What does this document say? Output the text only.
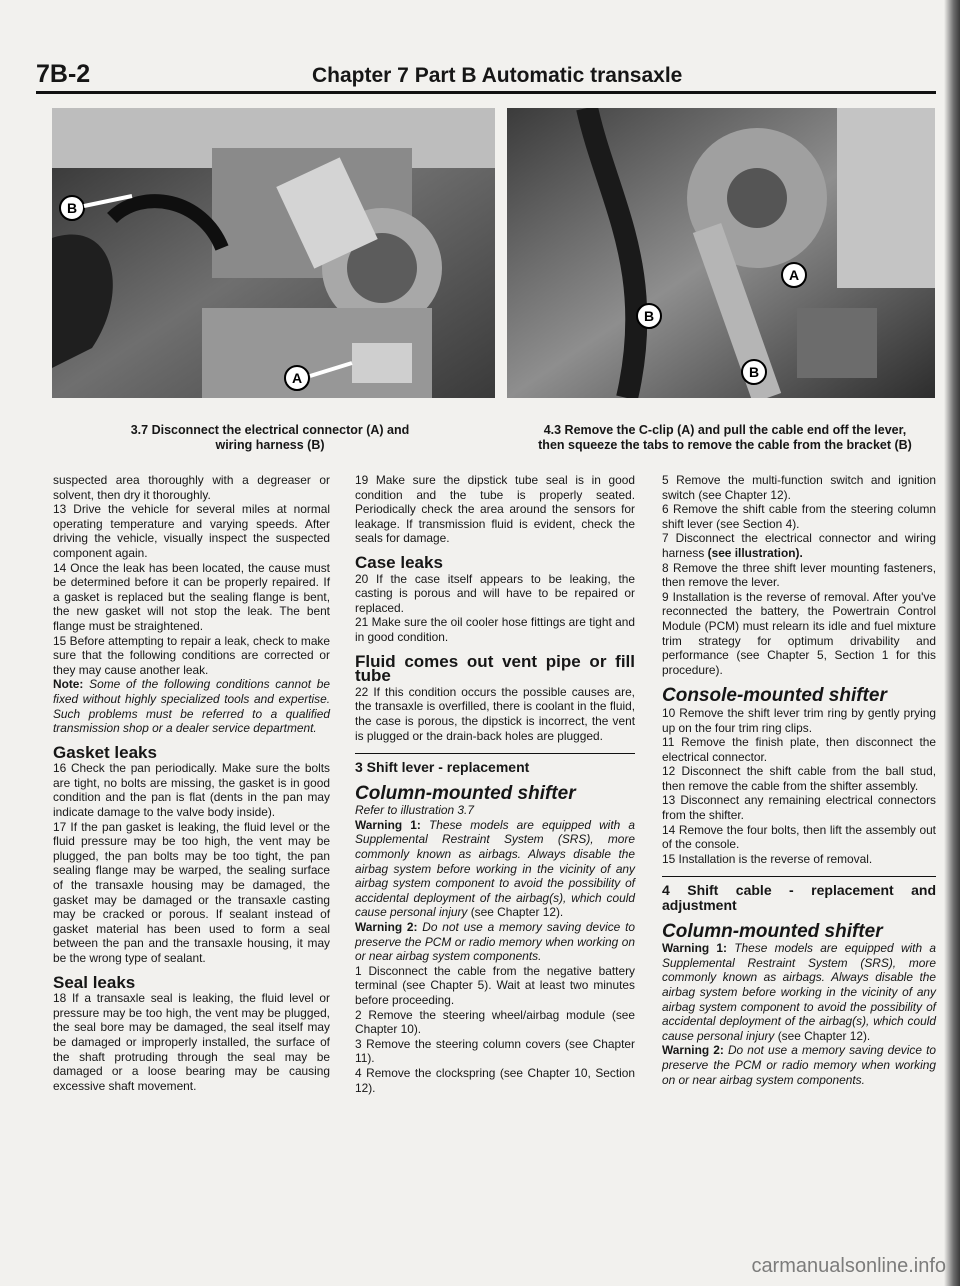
7B-2	Chapter 7 Part B Automatic transaxle
B
A
A
B
B
3.7 Disconnect the electrical connector (A) and
wiring harness (B)
4.3 Remove the C-clip (A) and pull the cable end off the lever,
then squeeze the tabs to remove the cable from the bracket (B)

suspected area thoroughly with a degreaser or solvent, then dry it thoroughly.

13 Drive the vehicle for several miles at normal operating temperature and varying speeds. After driving the vehicle, visually inspect the suspected component again.

14 Once the leak has been located, the cause must be determined before it can be properly repaired. If a gasket is replaced but the sealing flange is bent, the new gasket will not stop the leak. The bent flange must be straightened.

15 Before attempting to repair a leak, check to make sure that the following conditions are corrected or they may cause another leak.

Note: Some of the following conditions cannot be fixed without highly specialized tools and expertise. Such problems must be referred to a qualified transmission shop or a dealer service department.

Gasket leaks

16 Check the pan periodically. Make sure the bolts are tight, no bolts are missing, the gasket is in good condition and the pan is flat (dents in the pan may indicate damage to the valve body inside).

17 If the pan gasket is leaking, the fluid level or the fluid pressure may be too high, the vent may be plugged, the pan bolts may be too tight, the pan sealing flange may be warped, the sealing surface of the transaxle housing may be damaged, the gasket may be damaged or the transaxle casting may be cracked or porous. If sealant instead of gasket material has been used to form a seal between the pan and the transaxle housing, it may be the wrong type of sealant.

Seal leaks

18 If a transaxle seal is leaking, the fluid level or pressure may be too high, the vent may be plugged, the seal bore may be damaged, the seal itself may be damaged or improperly installed, the surface of the shaft protruding through the seal may be damaged or a loose bearing may be causing excessive shaft movement.

19 Make sure the dipstick tube seal is in good condition and the tube is properly seated. Periodically check the area around the sensors for leakage. If transmission fluid is evident, check the seals for damage.

Case leaks

20 If the case itself appears to be leaking, the casting is porous and will have to be repaired or replaced.

21 Make sure the oil cooler hose fittings are tight and in good condition.

Fluid comes out vent pipe or fill tube

22 If this condition occurs the possible causes are, the transaxle is overfilled, there is coolant in the fluid, the case is porous, the dipstick is incorrect, the vent is plugged or the drain-back holes are plugged.

3 Shift lever - replacement
Column-mounted shifter

Refer to illustration 3.7

Warning 1: These models are equipped with a Supplemental Restraint System (SRS), more commonly known as airbags. Always disable the airbag system before working in the vicinity of any airbag system component to avoid the possibility of accidental deployment of the airbag(s), which could cause personal injury (see Chapter 12).

Warning 2: Do not use a memory saving device to preserve the PCM or radio memory when working on or near airbag system components.

1 Disconnect the cable from the negative battery terminal (see Chapter 5). Wait at least two minutes before proceeding.

2 Remove the steering wheel/airbag module (see Chapter 10).

3 Remove the steering column covers (see Chapter 11).

4 Remove the clockspring (see Chapter 10, Section 12).

5 Remove the multi-function switch and ignition switch (see Chapter 12).

6 Remove the shift cable from the steering column shift lever (see Section 4).

7 Disconnect the electrical connector and wiring harness (see illustration).

8 Remove the three shift lever mounting fasteners, then remove the lever.

9 Installation is the reverse of removal. After you've reconnected the battery, the Powertrain Control Module (PCM) must relearn its idle and fuel mixture trim strategy for optimum drivability and performance (see Chapter 5, Section 1 for this procedure).

Console-mounted shifter

10 Remove the shift lever trim ring by gently prying up on the four trim ring clips.

11 Remove the finish plate, then disconnect the electrical connector.

12 Disconnect the shift cable from the ball stud, then remove the cable from the shifter assembly.

13 Disconnect any remaining electrical connectors from the shifter.

14 Remove the four bolts, then lift the assembly out of the console.

15 Installation is the reverse of removal.

4 Shift cable - replacement and adjustment
Column-mounted shifter

Warning 1: These models are equipped with a Supplemental Restraint System (SRS), more commonly known as airbags. Always disable the airbag system before working in the vicinity of any airbag system component to avoid the possibility of accidental deployment of the airbag(s), which could cause personal injury (see Chapter 12).

Warning 2: Do not use a memory saving device to preserve the PCM or radio memory when working on or near airbag system components.

carmanualsonline.info
